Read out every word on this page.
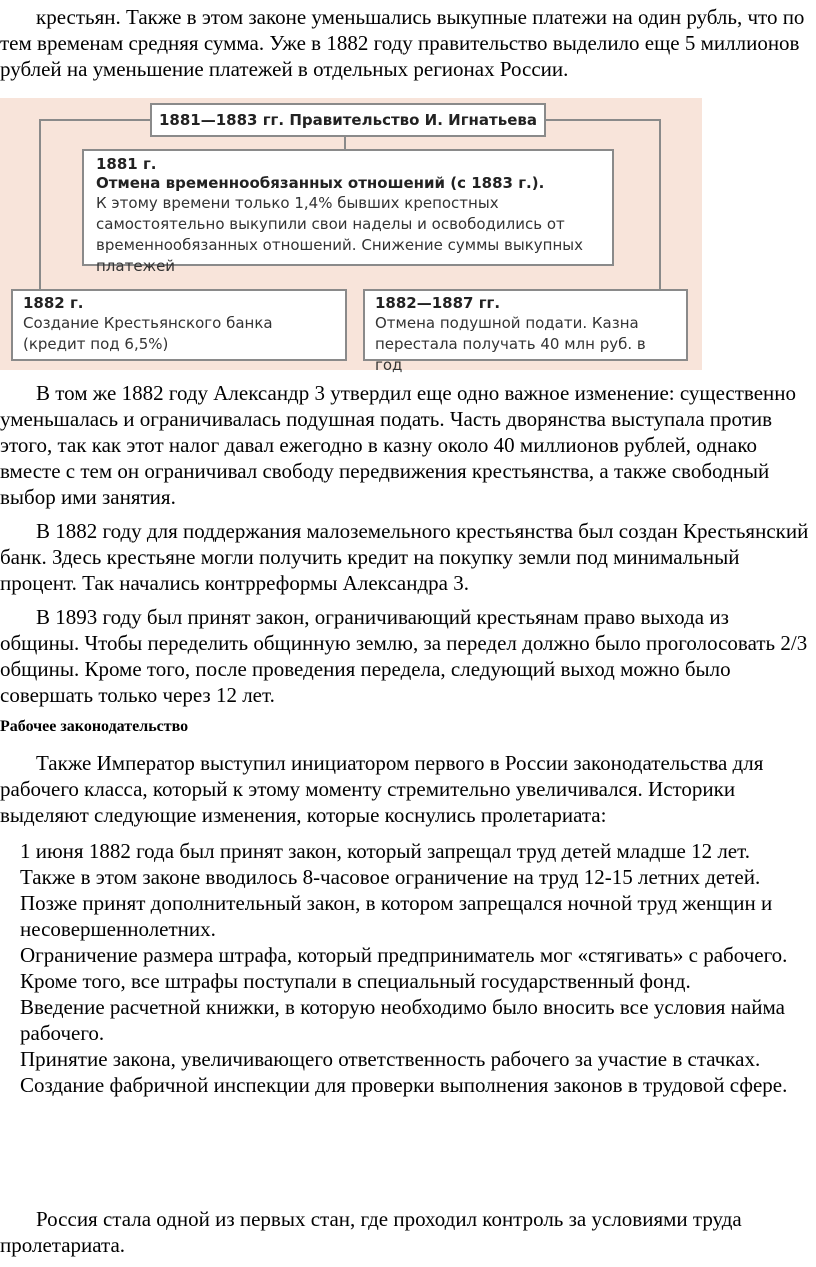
крестьян. Также в этом законе уменьшались выкупные платежи на один рубль, что по тем временам средняя сумма. Уже в 1882 году правительство выделило еще 5 миллионов рублей на уменьшение платежей в отдельных регионах России.

1881—1883 гг. Правительство И. Игнатьева
1881 г.
Отмена временнообязанных отношений (с 1883 г.).
К этому времени только 1,4% бывших крепостных самостоятельно выкупили свои наделы и освободились от временнообязанных отношений. Снижение суммы выкупных платежей
1882 г.
Создание Крестьянского банка (кредит под 6,5%)
1882—1887 гг.
Отмена подушной подати. Казна перестала получать 40 млн руб. в год

В том же 1882 году Александр 3 утвердил еще одно важное изменение: существенно уменьшалась и ограничивалась подушная подать. Часть дворянства выступала против этого, так как этот налог давал ежегодно в казну около 40 миллионов рублей, однако вместе с тем он ограничивал свободу передвижения крестьянства, а также свободный выбор ими занятия.

В 1882 году для поддержания малоземельного крестьянства был создан Крестьянский банк. Здесь крестьяне могли получить кредит на покупку земли под минимальный процент. Так начались контрреформы Александра 3.

В 1893 году был принят закон, ограничивающий крестьянам право выхода из общины. Чтобы переделить общинную землю, за передел должно было проголосовать 2/3 общины. Кроме того, после проведения передела, следующий выход можно было совершать только через 12 лет.

Рабочее законодательство

Также Император выступил инициатором первого в России законодательства для рабочего класса, который к этому моменту стремительно увеличивался. Историки выделяют следующие изменения, которые коснулись пролетариата:

1 июня 1882 года был принят закон, который запрещал труд детей младше 12 лет. Также в этом законе вводилось 8-часовое ограничение на труд 12-15 летних детей.
Позже принят дополнительный закон, в котором запрещался ночной труд женщин и несовершеннолетних.
Ограничение размера штрафа, который предприниматель мог «стягивать» с рабочего. Кроме того, все штрафы поступали в специальный государственный фонд.
Введение расчетной книжки, в которую необходимо было вносить все условия найма рабочего.
Принятие закона, увеличивающего ответственность рабочего за участие в стачках.
Создание фабричной инспекции для проверки выполнения законов в трудовой сфере.

Россия стала одной из первых стан, где проходил контроль за условиями труда пролетариата.
